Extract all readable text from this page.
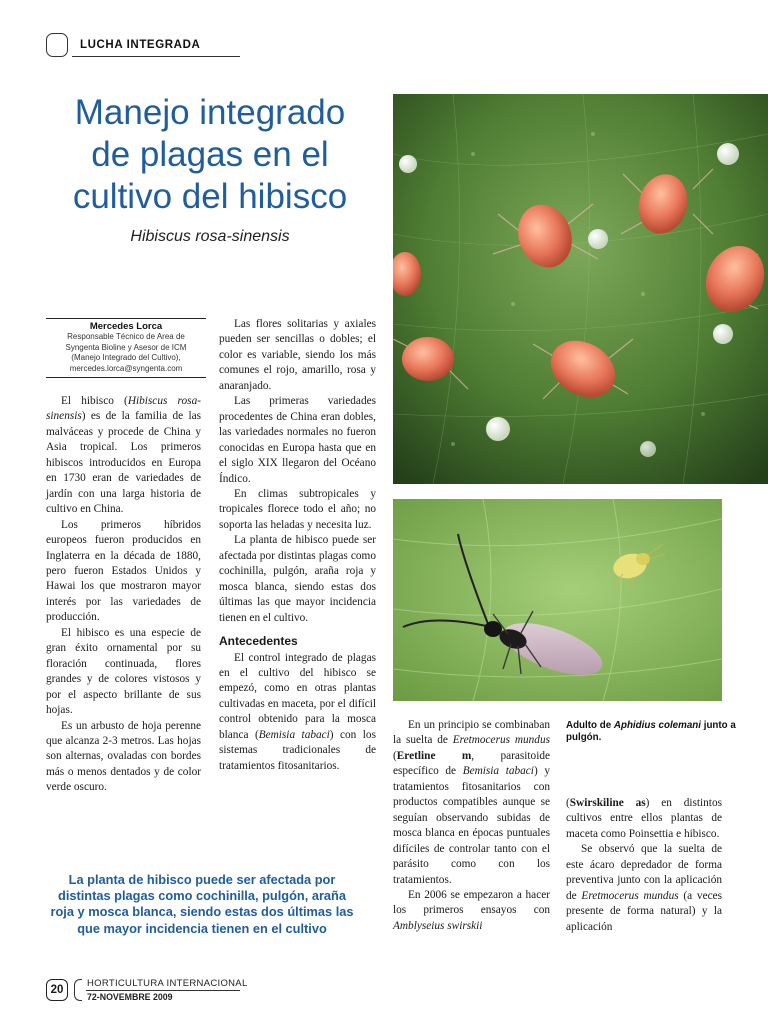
LUCHA INTEGRADA
Manejo integrado
de plagas en el
cultivo del hibisco
Hibiscus rosa-sinensis
Mercedes Lorca
Responsable Técnico de Area de
Syngenta Bioline y Asesor de ICM
(Manejo Integrado del Cultivo),
mercedes.lorca@syngenta.com

El hibisco (Hibiscus rosa-sinensis) es de la familia de las malváceas y procede de China y Asia tropical. Los primeros hibiscos introducidos en Europa en 1730 eran de variedades de jardín con una larga historia de cultivo en China.

Los primeros híbridos europeos fueron producidos en Inglaterra en la década de 1880, pero fueron Estados Unidos y Hawai los que mostraron mayor interés por las variedades de producción.

El hibisco es una especie de gran éxito ornamental por su floración continuada, flores grandes y de colores vistosos y por el aspecto brillante de sus hojas.

Es un arbusto de hoja perenne que alcanza 2-3 metros. Las hojas son alternas, ovaladas con bordes más o menos dentados y de color verde oscuro.

Las flores solitarias y axiales pueden ser sencillas o dobles; el color es variable, siendo los más comunes el rojo, amarillo, rosa y anaranjado.

Las primeras variedades procedentes de China eran dobles, las variedades normales no fueron conocidas en Europa hasta que en el siglo XIX llegaron del Océano Índico.

En climas subtropicales y tropicales florece todo el año; no soporta las heladas y necesita luz.

La planta de hibisco puede ser afectada por distintas plagas como cochinilla, pulgón, araña roja y mosca blanca, siendo estas dos últimas las que mayor incidencia tienen en el cultivo.

Antecedentes

El control integrado de plagas en el cultivo del hibisco se empezó, como en otras plantas cultivadas en maceta, por el difícil control obtenido para la mosca blanca (Bemisia tabaci) con los sistemas tradicionales de tratamientos fitosanitarios.

Adulto de Aphidius colemani junto a pulgón.

En un principio se combinaban la suelta de Eretmocerus mundus (Eretline m, parasitoide específico de Bemisia tabaci) y tratamientos fitosanitarios con productos compatibles aunque se seguían observando subidas de mosca blanca en épocas puntuales difíciles de controlar tanto con el parásito como con los tratamientos.

En 2006 se empezaron a hacer los primeros ensayos con Amblyseius swirskii

(Swirskiline as) en distintos cultivos entre ellos plantas de maceta como Poinsettia e hibisco.

Se observó que la suelta de este ácaro depredador de forma preventiva junto con la aplicación de Eretmocerus mundus (a veces presente de forma natural) y la aplicación

La planta de hibisco puede ser afectada por distintas plagas como cochinilla, pulgón, araña roja y mosca blanca, siendo estas dos últimas las que mayor incidencia tienen en el cultivo
20
HORTICULTURA INTERNACIONAL
72-NOVEMBRE 2009
